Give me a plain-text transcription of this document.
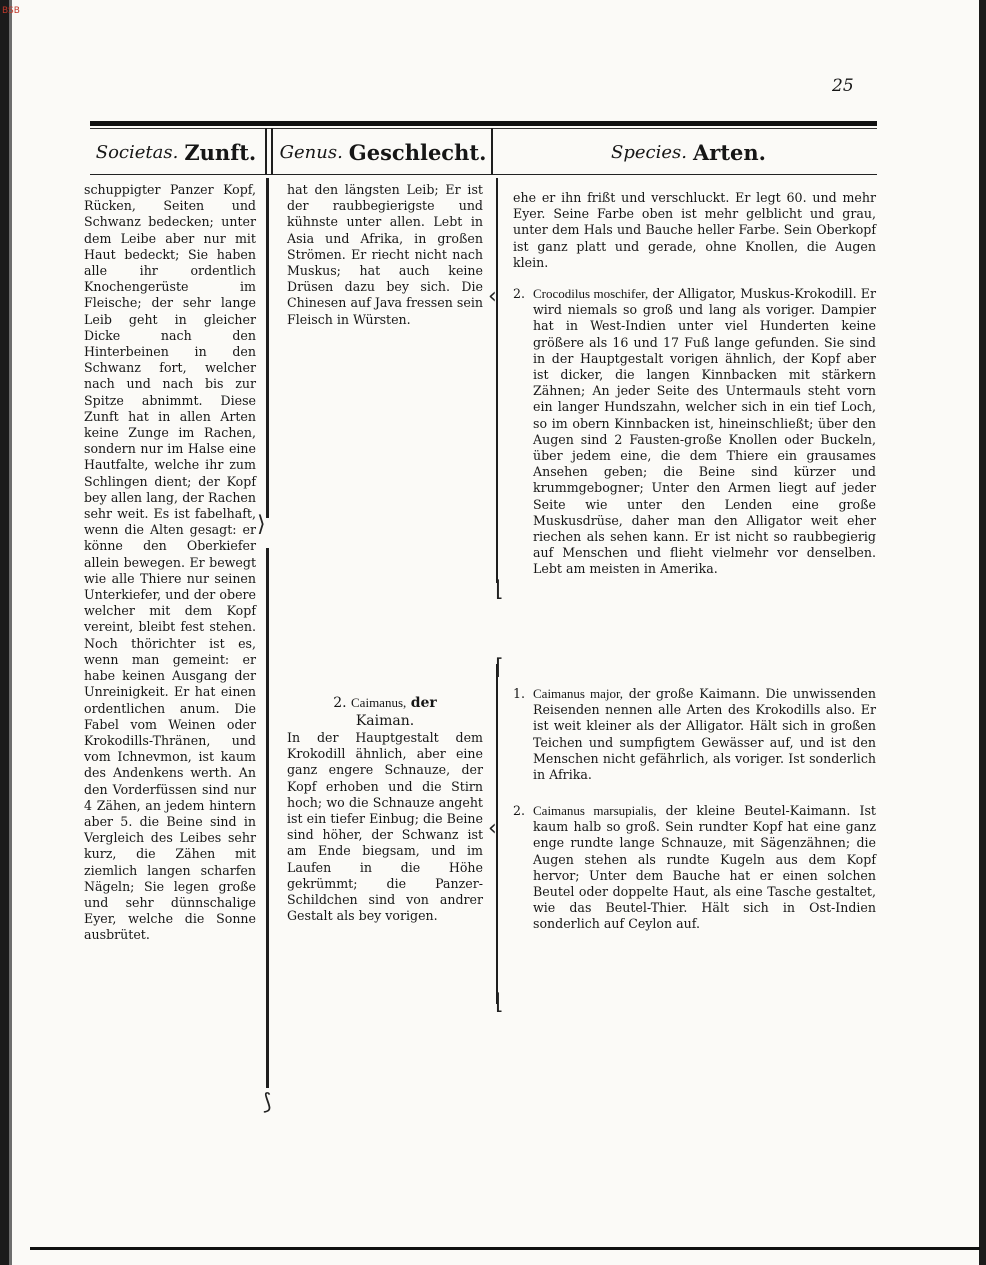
BSB
25
Societas. Zunft. Genus. Geschlecht.	Species. Arten.
⟩
⟆
‹
⌊
⌈
‹
⌊

schuppigter Panzer Kopf, Rücken, Seiten und Schwanz bedecken; unter dem Leibe aber nur mit Haut bedeckt; Sie haben alle ihr ordentlich Knochengerüste im Fleische; der sehr lange Leib geht in gleicher Dicke nach den Hinterbeinen in den Schwanz fort, welcher nach und nach bis zur Spitze abnimmt. Diese Zunft hat in allen Arten keine Zunge im Rachen, sondern nur im Halse eine Hautfalte, welche ihr zum Schlingen dient; der Kopf bey allen lang, der Rachen sehr weit. Es ist fabelhaft, wenn die Alten gesagt: er könne den Oberkiefer allein bewegen. Er bewegt wie alle Thiere nur seinen Unterkiefer, und der obere welcher mit dem Kopf vereint, bleibt fest stehen. Noch thörichter ist es, wenn man gemeint: er habe keinen Ausgang der Unreinigkeit. Er hat einen ordentlichen anum. Die Fabel vom Weinen oder Krokodills-Thränen, und vom Ichnevmon, ist kaum des Andenkens werth. An den Vorderfüssen sind nur 4 Zähen, an jedem hintern aber 5. die Beine sind in Vergleich des Leibes sehr kurz, die Zähen mit ziemlich langen scharfen Nägeln; Sie legen große und sehr dünnschalige Eyer, welche die Sonne ausbrütet.

hat den längsten Leib; Er ist der raubbegierigste und kühnste unter allen. Lebt in Asia und Afrika, in großen Strömen. Er riecht nicht nach Muskus; hat auch keine Drüsen dazu bey sich. Die Chinesen auf Java fressen sein Fleisch in Würsten.

2. Caimanus, der
Kaiman.

In der Hauptgestalt dem Krokodill ähnlich, aber eine ganz engere Schnauze, der Kopf erhoben und die Stirn hoch; wo die Schnauze angeht ist ein tiefer Einbug; die Beine sind höher, der Schwanz ist am Ende biegsam, und im Laufen in die Höhe gekrümmt; die Panzer-Schildchen sind von andrer Gestalt als bey vorigen.

ehe er ihn frißt und verschluckt. Er legt 60. und mehr Eyer. Seine Farbe oben ist mehr gelblicht und grau, unter dem Hals und Bauche heller Farbe. Sein Oberkopf ist ganz platt und gerade, ohne Knollen, die Augen klein.

2. Crocodilus moschifer, der Alligator, Muskus-Krokodill. Er wird niemals so groß und lang als voriger. Dampier hat in West-Indien unter viel Hunderten keine größere als 16 und 17 Fuß lange gefunden. Sie sind in der Hauptgestalt vorigen ähnlich, der Kopf aber ist dicker, die langen Kinnbacken mit stärkern Zähnen; An jeder Seite des Untermauls steht vorn ein langer Hundszahn, welcher sich in ein tief Loch, so im obern Kinnbacken ist, hineinschließt; über den Augen sind 2 Fausten-große Knollen oder Buckeln, über jedem eine, die dem Thiere ein grausames Ansehen geben; die Beine sind kürzer und krummgebogner; Unter den Armen liegt auf jeder Seite wie unter den Lenden eine große Muskusdrüse, daher man den Alligator weit eher riechen als sehen kann. Er ist nicht so raubbegierig auf Menschen und flieht vielmehr vor denselben. Lebt am meisten in Amerika.
1. Caimanus major, der große Kaimann. Die unwissenden Reisenden nennen alle Arten des Krokodills also. Er ist weit kleiner als der Alligator. Hält sich in großen Teichen und sumpfigtem Gewässer auf, und ist den Menschen nicht gefährlich, als voriger. Ist sonderlich in Afrika.
2. Caimanus marsupialis, der kleine Beutel-Kaimann. Ist kaum halb so groß. Sein rundter Kopf hat eine ganz enge rundte lange Schnauze, mit Sägenzähnen; die Augen stehen als rundte Kugeln aus dem Kopf hervor; Unter dem Bauche hat er einen solchen Beutel oder doppelte Haut, als eine Tasche gestaltet, wie das Beutel-Thier. Hält sich in Ost-Indien sonderlich auf Ceylon auf.
